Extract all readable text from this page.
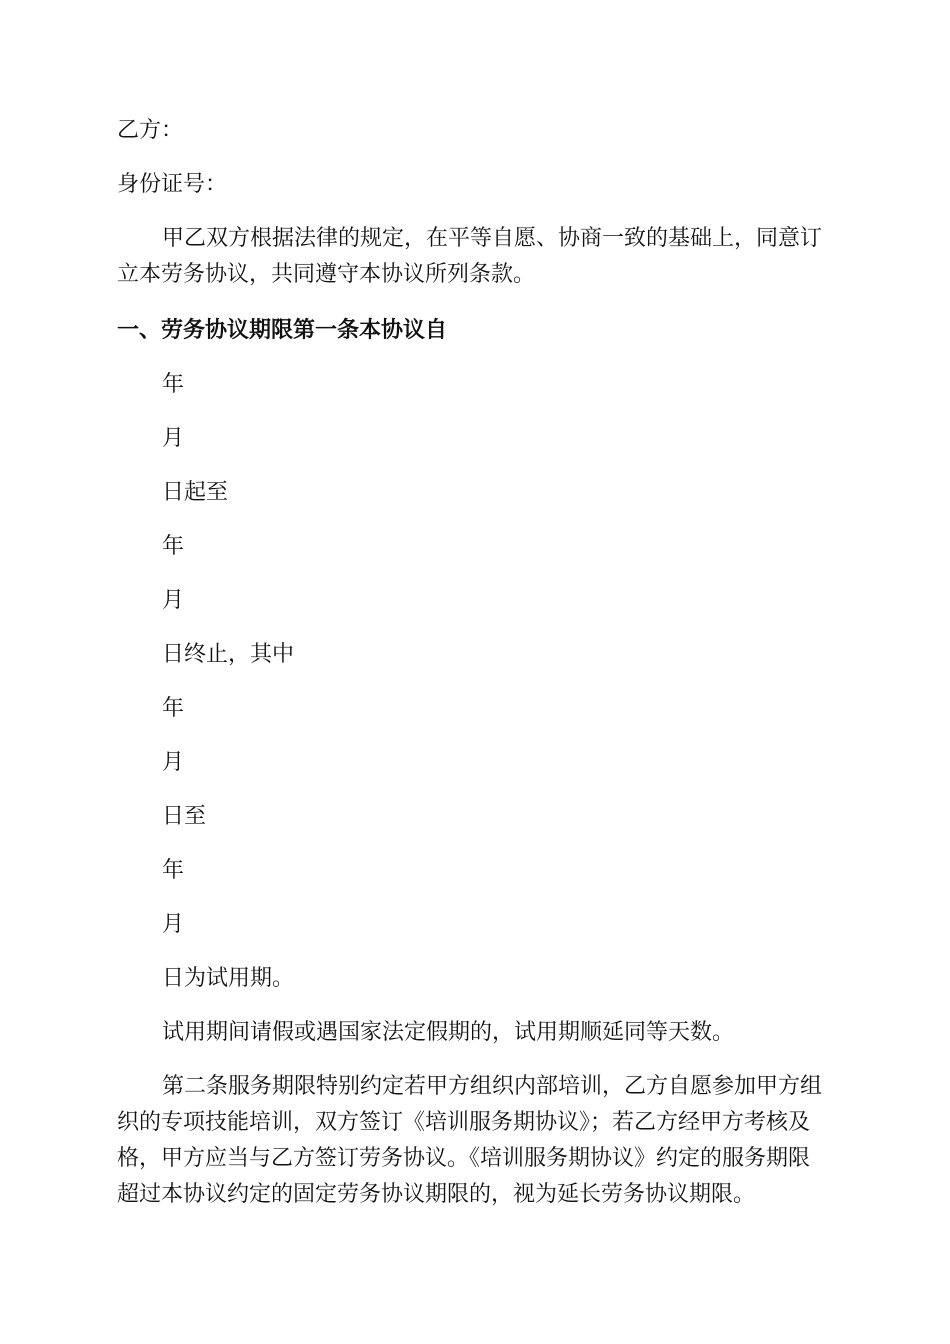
乙方：
身份证号：
甲乙双方根据法律的规定，在平等自愿、协商一致的基础上，同意订
立本劳务协议，共同遵守本协议所列条款。
一、劳务协议期限第一条本协议自
年
月
日起至
年
月
日终止，其中
年
月
日至
年
月
日为试用期。
试用期间请假或遇国家法定假期的，试用期顺延同等天数。
第二条服务期限特别约定若甲方组织内部培训，乙方自愿参加甲方组
织的专项技能培训，双方签订《培训服务期协议》；若乙方经甲方考核及
格，甲方应当与乙方签订劳务协议。《培训服务期协议》约定的服务期限
超过本协议约定的固定劳务协议期限的，视为延长劳务协议期限。
